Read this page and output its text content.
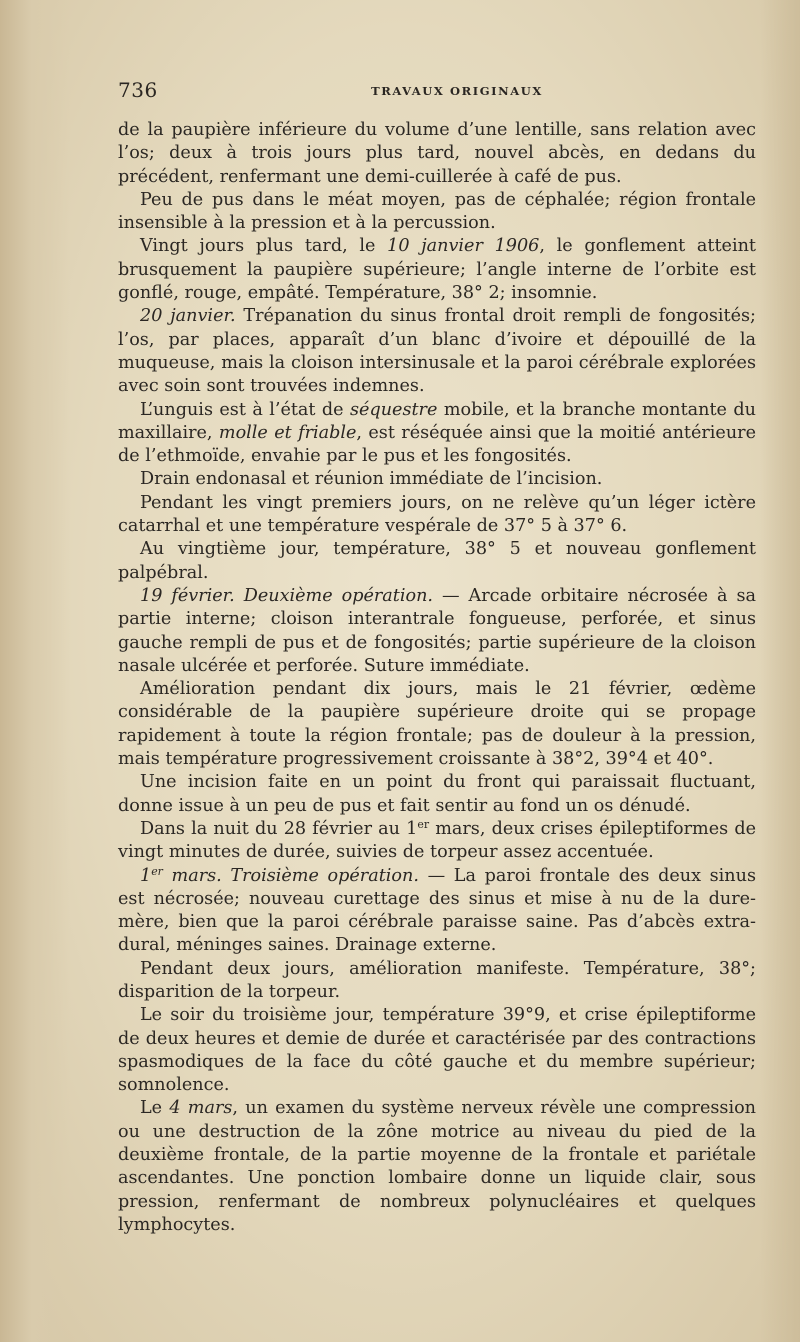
736	TRAVAUX ORIGINAUX

de la paupière inférieure du volume d’une lentille, sans relation avec l’os; deux à trois jours plus tard, nouvel abcès, en dedans du précédent, renfermant une demi-cuillerée à café de pus.

Peu de pus dans le méat moyen, pas de céphalée; région frontale insensible à la pression et à la percussion.

Vingt jours plus tard, le 10 janvier 1906, le gonflement atteint brusquement la paupière supérieure; l’angle interne de l’orbite est gonflé, rouge, empâté. Température, 38° 2; insomnie.

20 janvier. Trépanation du sinus frontal droit rempli de fongosités; l’os, par places, apparaît d’un blanc d’ivoire et dépouillé de la muqueuse, mais la cloison intersinusale et la paroi cérébrale explorées avec soin sont trouvées indemnes.

L’unguis est à l’état de séquestre mobile, et la branche montante du maxillaire, molle et friable, est réséquée ainsi que la moitié antérieure de l’ethmoïde, envahie par le pus et les fongosités.

Drain endonasal et réunion immédiate de l’incision.

Pendant les vingt premiers jours, on ne relève qu’un léger ictère catarrhal et une température vespérale de 37° 5 à 37° 6.

Au vingtième jour, température, 38° 5 et nouveau gonflement palpébral.

19 février. Deuxième opération. — Arcade orbitaire nécrosée à sa partie interne; cloison interantrale fongueuse, perforée, et sinus gauche rempli de pus et de fongosités; partie supérieure de la cloison nasale ulcérée et perforée. Suture immédiate.

Amélioration pendant dix jours, mais le 21 février, œdème considérable de la paupière supérieure droite qui se propage rapidement à toute la région frontale; pas de douleur à la pression, mais température progressivement croissante à 38°2, 39°4 et 40°.

Une incision faite en un point du front qui paraissait fluctuant, donne issue à un peu de pus et fait sentir au fond un os dénudé.

Dans la nuit du 28 février au 1er mars, deux crises épileptiformes de vingt minutes de durée, suivies de torpeur assez accentuée.

1er mars. Troisième opération. — La paroi frontale des deux sinus est nécrosée; nouveau curettage des sinus et mise à nu de la dure-mère, bien que la paroi cérébrale paraisse saine. Pas d’abcès extra-dural, méninges saines. Drainage externe.

Pendant deux jours, amélioration manifeste. Température, 38°; disparition de la torpeur.

Le soir du troisième jour, température 39°9, et crise épileptiforme de deux heures et demie de durée et caractérisée par des contractions spasmodiques de la face du côté gauche et du membre supérieur; somnolence.

Le 4 mars, un examen du système nerveux révèle une compression ou une destruction de la zône motrice au niveau du pied de la deuxième frontale, de la partie moyenne de la frontale et pariétale ascendantes. Une ponction lombaire donne un liquide clair, sous pression, renfermant de nombreux polynucléaires et quelques lymphocytes.
